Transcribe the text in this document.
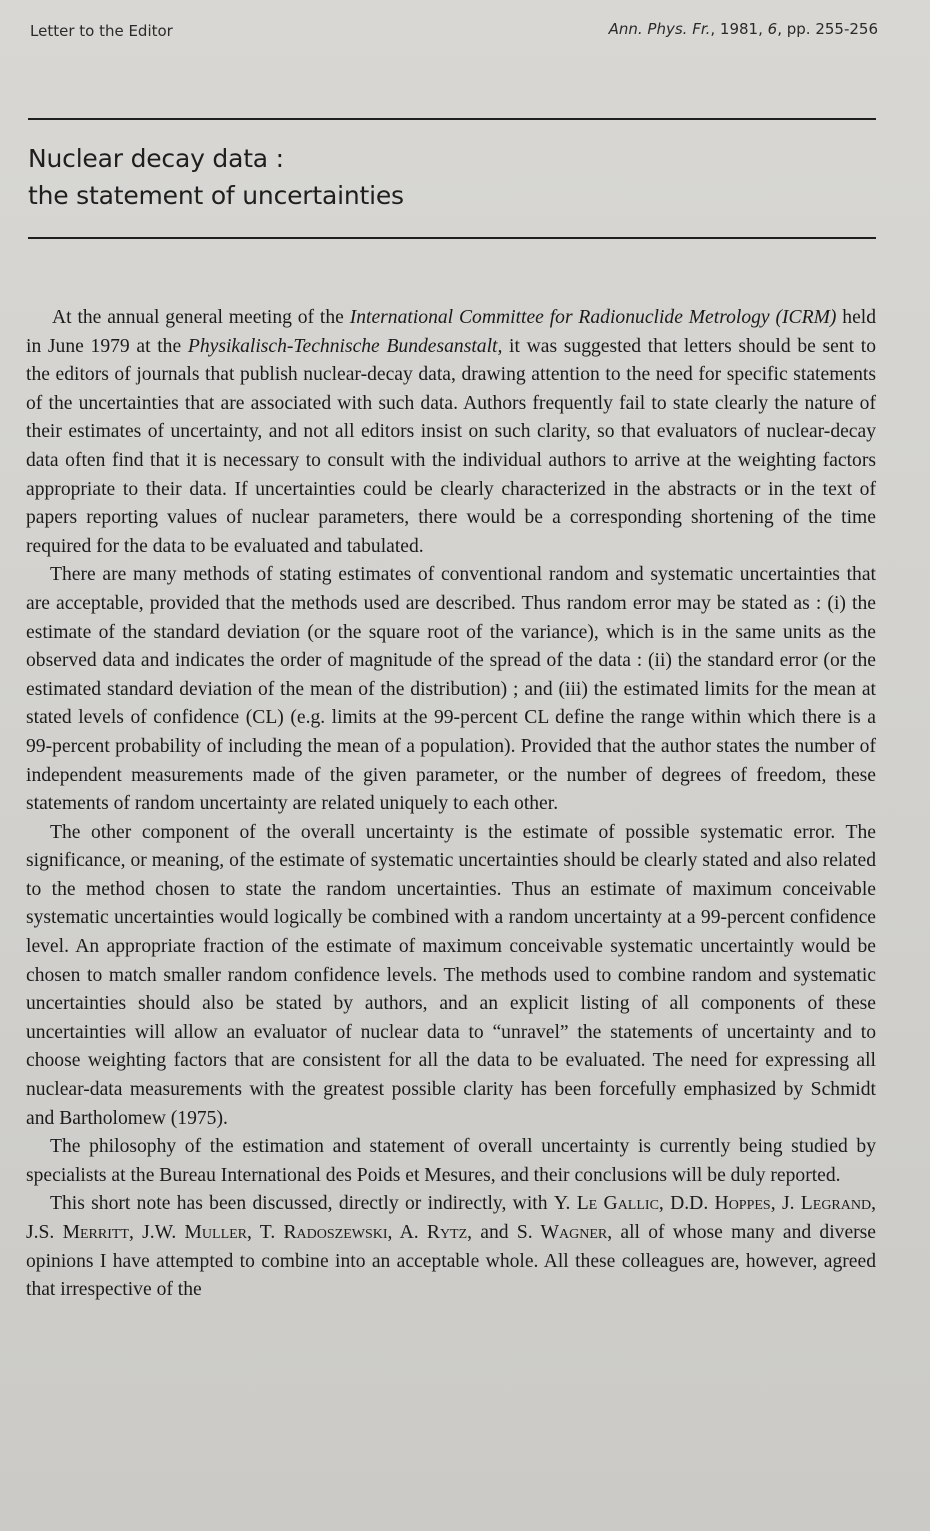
Letter to the Editor	Ann. Phys. Fr., 1981, 6, pp. 255-256
Nuclear decay data :
the statement of uncertainties

At the annual general meeting of the International Committee for Radionuclide Metrology (ICRM) held in June 1979 at the Physikalisch-Technische Bundesanstalt, it was suggested that letters should be sent to the editors of journals that publish nuclear-decay data, drawing attention to the need for specific statements of the uncertainties that are associated with such data. Authors frequently fail to state clearly the nature of their estimates of uncertainty, and not all editors insist on such clarity, so that evaluators of nuclear-decay data often find that it is necessary to consult with the individual authors to arrive at the weighting factors appropriate to their data. If uncertainties could be clearly characterized in the abstracts or in the text of papers reporting values of nuclear parameters, there would be a corresponding shortening of the time required for the data to be evaluated and tabulated.

There are many methods of stating estimates of conventional random and systematic uncertainties that are acceptable, provided that the methods used are described. Thus random error may be stated as : (i) the estimate of the standard deviation (or the square root of the variance), which is in the same units as the observed data and indicates the order of magnitude of the spread of the data : (ii) the standard error (or the estimated standard deviation of the mean of the distribution) ; and (iii) the estimated limits for the mean at stated levels of confidence (CL) (e.g. limits at the 99-percent CL define the range within which there is a 99-percent probability of including the mean of a population). Provided that the author states the number of independent measurements made of the given parameter, or the number of degrees of freedom, these statements of random uncertainty are related uniquely to each other.

The other component of the overall uncertainty is the estimate of possible systematic error. The significance, or meaning, of the estimate of systematic uncertainties should be clearly stated and also related to the method chosen to state the random uncertainties. Thus an estimate of maximum conceivable systematic uncertainties would logically be combined with a random uncertainty at a 99-percent confidence level. An appropriate fraction of the estimate of maximum conceivable systematic uncertaintly would be chosen to match smaller random confidence levels. The methods used to combine random and systematic uncertainties should also be stated by authors, and an explicit listing of all components of these uncertainties will allow an evaluator of nuclear data to “unravel” the statements of uncertainty and to choose weighting factors that are consistent for all the data to be evaluated. The need for expressing all nuclear-data measurements with the greatest possible clarity has been forcefully emphasized by Schmidt and Bartholomew (1975).

The philosophy of the estimation and statement of overall uncertainty is currently being studied by specialists at the Bureau International des Poids et Mesures, and their conclusions will be duly reported.

This short note has been discussed, directly or indirectly, with Y. Le Gallic, D.D. Hoppes, J. Legrand, J.S. Merritt, J.W. Muller, T. Radoszewski, A. Rytz, and S. Wagner, all of whose many and diverse opinions I have attempted to combine into an acceptable whole. All these colleagues are, however, agreed that irrespective of the
